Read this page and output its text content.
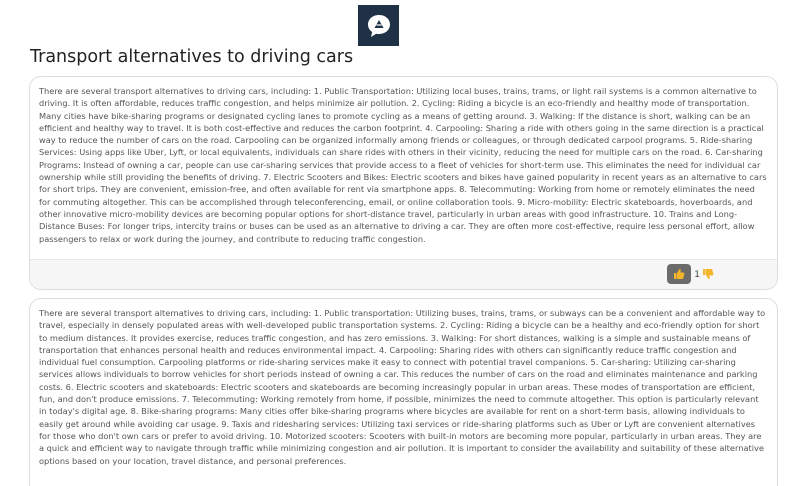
Transport alternatives to driving cars

There are several transport alternatives to driving cars, including: 1. Public Transportation: Utilizing local buses, trains, trams, or light rail systems is a common alternative to driving. It is often affordable, reduces traffic congestion, and helps minimize air pollution. 2. Cycling: Riding a bicycle is an eco-friendly and healthy mode of transportation. Many cities have bike-sharing programs or designated cycling lanes to promote cycling as a means of getting around. 3. Walking: If the distance is short, walking can be an efficient and healthy way to travel. It is both cost-effective and reduces the carbon footprint. 4. Carpooling: Sharing a ride with others going in the same direction is a practical way to reduce the number of cars on the road. Carpooling can be organized informally among friends or colleagues, or through dedicated carpool programs. 5. Ride-sharing Services: Using apps like Uber, Lyft, or local equivalents, individuals can share rides with others in their vicinity, reducing the need for multiple cars on the road. 6. Car-sharing Programs: Instead of owning a car, people can use car-sharing services that provide access to a fleet of vehicles for short-term use. This eliminates the need for individual car ownership while still providing the benefits of driving. 7. Electric Scooters and Bikes: Electric scooters and bikes have gained popularity in recent years as an alternative to cars for short trips. They are convenient, emission-free, and often available for rent via smartphone apps. 8. Telecommuting: Working from home or remotely eliminates the need for commuting altogether. This can be accomplished through teleconferencing, email, or online collaboration tools. 9. Micro-mobility: Electric skateboards, hoverboards, and other innovative micro-mobility devices are becoming popular options for short-distance travel, particularly in urban areas with good infrastructure. 10. Trains and Long-Distance Buses: For longer trips, intercity trains or buses can be used as an alternative to driving a car. They are often more cost-effective, require less personal effort, allow passengers to relax or work during the journey, and contribute to reducing traffic congestion.

1

There are several transport alternatives to driving cars, including: 1. Public transportation: Utilizing buses, trains, trams, or subways can be a convenient and affordable way to travel, especially in densely populated areas with well-developed public transportation systems. 2. Cycling: Riding a bicycle can be a healthy and eco-friendly option for short to medium distances. It provides exercise, reduces traffic congestion, and has zero emissions. 3. Walking: For short distances, walking is a simple and sustainable means of transportation that enhances personal health and reduces environmental impact. 4. Carpooling: Sharing rides with others can significantly reduce traffic congestion and individual fuel consumption. Carpooling platforms or ride-sharing services make it easy to connect with potential travel companions. 5. Car-sharing: Utilizing car-sharing services allows individuals to borrow vehicles for short periods instead of owning a car. This reduces the number of cars on the road and eliminates maintenance and parking costs. 6. Electric scooters and skateboards: Electric scooters and skateboards are becoming increasingly popular in urban areas. These modes of transportation are efficient, fun, and don't produce emissions. 7. Telecommuting: Working remotely from home, if possible, minimizes the need to commute altogether. This option is particularly relevant in today's digital age. 8. Bike-sharing programs: Many cities offer bike-sharing programs where bicycles are available for rent on a short-term basis, allowing individuals to easily get around while avoiding car usage. 9. Taxis and ridesharing services: Utilizing taxi services or ride-sharing platforms such as Uber or Lyft are convenient alternatives for those who don't own cars or prefer to avoid driving. 10. Motorized scooters: Scooters with built-in motors are becoming more popular, particularly in urban areas. They are a quick and efficient way to navigate through traffic while minimizing congestion and air pollution. It is important to consider the availability and suitability of these alternative options based on your location, travel distance, and personal preferences.
